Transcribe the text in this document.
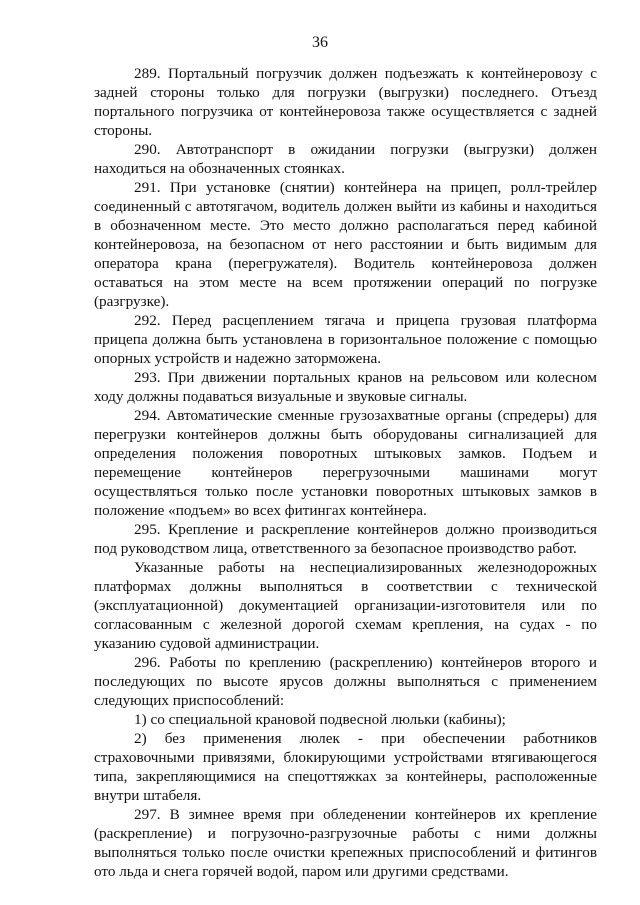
36

289. Портальный погрузчик должен подъезжать к контейнеровозу с задней стороны только для погрузки (выгрузки) последнего. Отъезд портального погрузчика от контейнеровоза также осуществляется с задней стороны.

290. Автотранспорт в ожидании погрузки (выгрузки) должен находиться на обозначенных стоянках.

291. При установке (снятии) контейнера на прицеп, ролл-трейлер соединенный с автотягачом, водитель должен выйти из кабины и находиться в обозначенном месте. Это место должно располагаться перед кабиной контейнеровоза, на безопасном от него расстоянии и быть видимым для оператора крана (перегружателя). Водитель контейнеровоза должен оставаться на этом месте на всем протяжении операций по погрузке (разгрузке).

292. Перед расцеплением тягача и прицепа грузовая платформа прицепа должна быть установлена в горизонтальное положение с помощью опорных устройств и надежно заторможена.

293. При движении портальных кранов на рельсовом или колесном ходу должны подаваться визуальные и звуковые сигналы.

294. Автоматические сменные грузозахватные органы (спредеры) для перегрузки контейнеров должны быть оборудованы сигнализацией для определения положения поворотных штыковых замков. Подъем и перемещение контейнеров перегрузочными машинами могут осуществляться только после установки поворотных штыковых замков в положение «подъем» во всех фитингах контейнера.

295. Крепление и раскрепление контейнеров должно производиться под руководством лица, ответственного за безопасное производство работ.

Указанные работы на неспециализированных железнодорожных платформах должны выполняться в соответствии с технической (эксплуатационной) документацией организации-изготовителя или по согласованным с железной дорогой схемам крепления, на судах - по указанию судовой администрации.

296. Работы по креплению (раскреплению) контейнеров второго и последующих по высоте ярусов должны выполняться с применением следующих приспособлений:

1) со специальной крановой подвесной люльки (кабины);

2) без применения люлек - при обеспечении работников страховочными привязями, блокирующими устройствами втягивающегося типа, закрепляющимися на спецоттяжках за контейнеры, расположенные внутри штабеля.

297. В зимнее время при обледенении контейнеров их крепление (раскрепление) и погрузочно-разгрузочные работы с ними должны выполняться только после очистки крепежных приспособлений и фитингов ото льда и снега горячей водой, паром или другими средствами.
